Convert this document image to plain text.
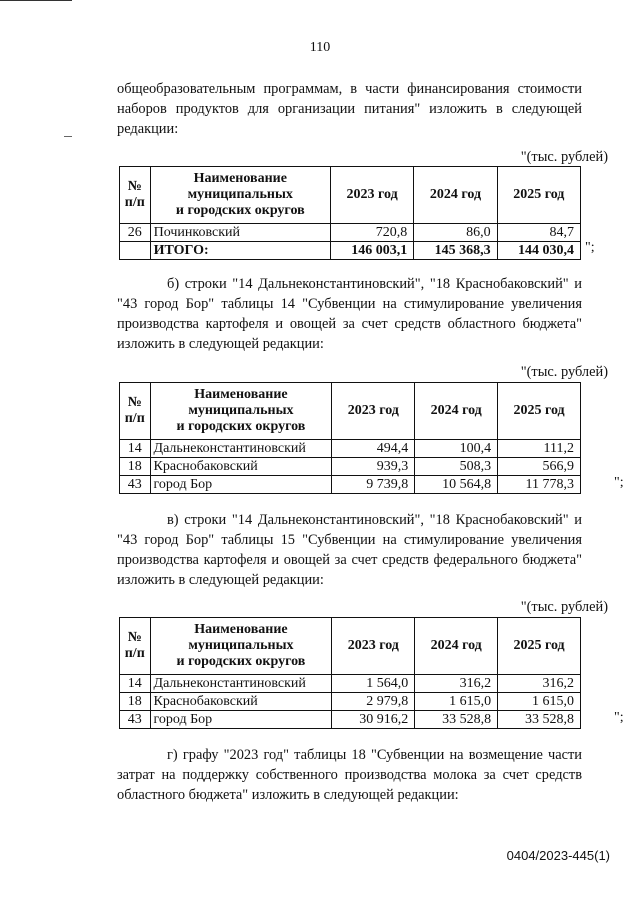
110
общеобразовательным программам, в части финансирования стоимости
наборов продуктов для организации питания" изложить в следующей
редакции:
"(тыс. рублей)
№ п/п	Наименование
муниципальных
и городских округов	2023 год	2024 год	2025 год
26	Починковский	720,8	86,0	84,7
	ИТОГО:	146 003,1	145 368,3	144 030,4 ";
б) строки "14 Дальнеконстантиновский", "18 Краснобаковский" и
"43 город Бор" таблицы 14 "Субвенции на стимулирование увеличения
производства картофеля и овощей за счет средств областного бюджета"
изложить в следующей редакции:
"(тыс. рублей)
№ п/п	Наименование
муниципальных
и городских округов	2023 год	2024 год	2025 год
14	Дальнеконстантиновский	494,4	100,4	111,2
18	Краснобаковский	939,3	508,3	566,9
43	город Бор	9 739,8	10 564,8	11 778,3	";
в) строки "14 Дальнеконстантиновский", "18 Краснобаковский" и
"43 город Бор" таблицы 15 "Субвенции на стимулирование увеличения
производства картофеля и овощей за счет средств федерального бюджета"
изложить в следующей редакции:
"(тыс. рублей)
№ п/п	Наименование
муниципальных
и городских округов	2023 год	2024 год	2025 год
14	Дальнеконстантиновский	1 564,0	316,2	316,2
18	Краснобаковский	2 979,8	1 615,0	1 615,0
43	город Бор	30 916,2	33 528,8	33 528,8	";
г) графу "2023 год" таблицы 18 "Субвенции на возмещение части
затрат на поддержку собственного производства молока за счет средств
областного бюджета" изложить в следующей редакции:
0404/2023-445(1)
